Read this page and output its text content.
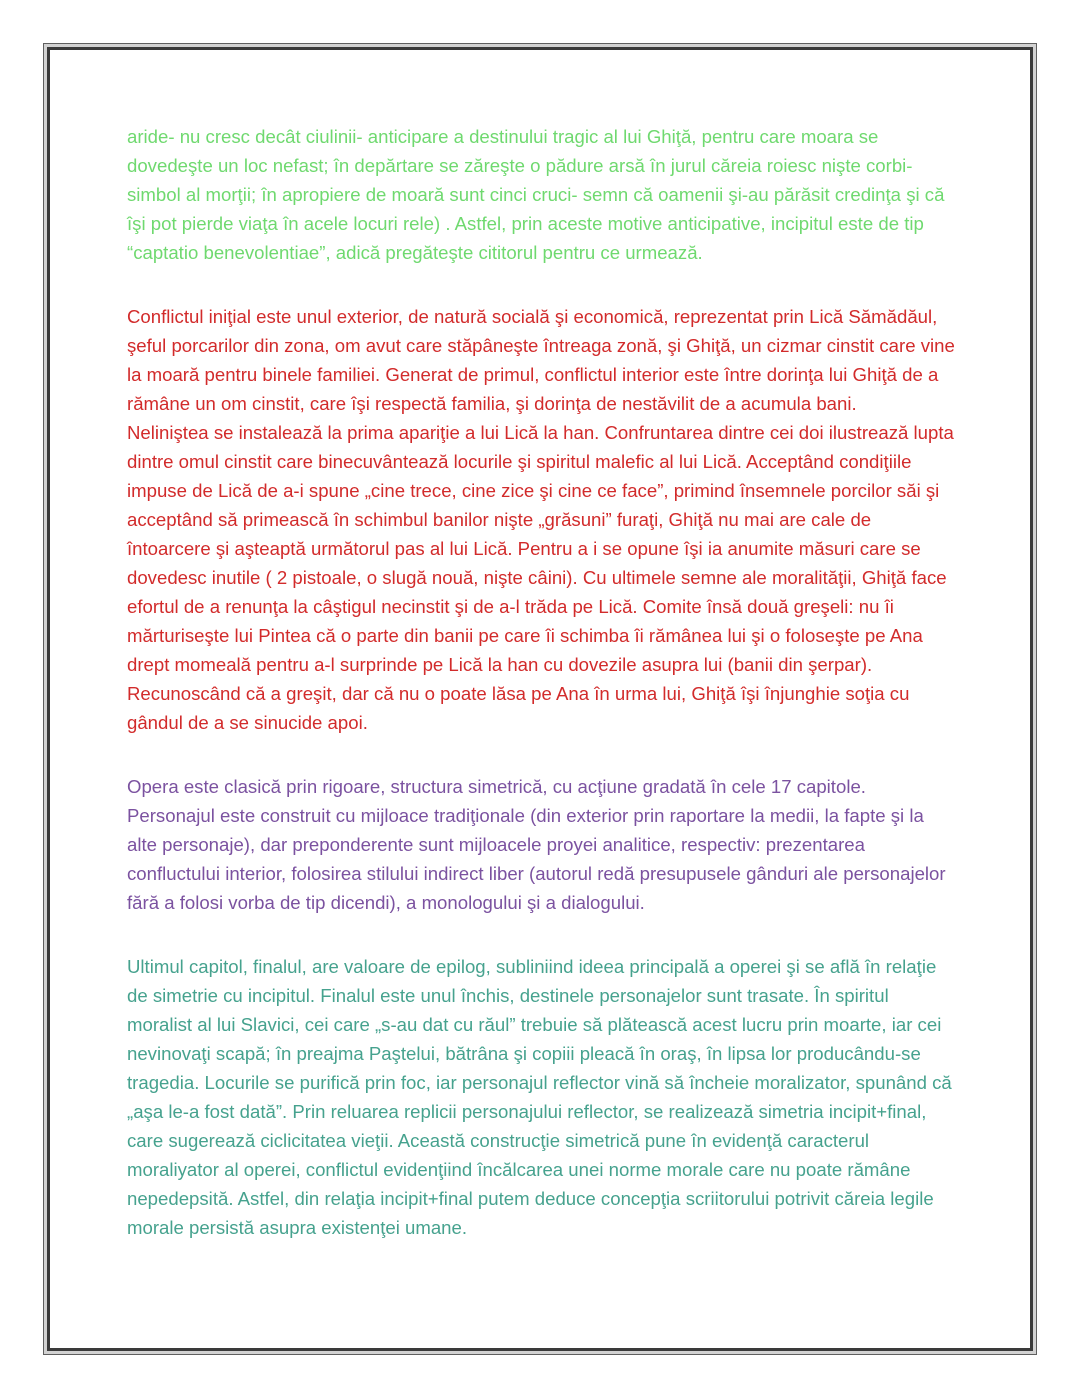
aride- nu cresc decât ciulinii- anticipare a destinului tragic al lui Ghiţă, pentru care moara se dovedeşte un loc nefast; în depărtare se zăreşte o pădure arsă în jurul căreia roiesc nişte corbi- simbol al morţii; în apropiere de moară sunt cinci cruci- semn că oamenii şi-au părăsit credinţa şi că îşi pot pierde viaţa în acele locuri rele) . Astfel, prin aceste motive anticipative, incipitul este de tip “captatio benevolentiae”, adică pregăteşte cititorul pentru ce urmează.

Conflictul iniţial este unul exterior, de natură socială şi economică, reprezentat prin Lică Sămădăul, şeful porcarilor din zona, om avut care stăpâneşte întreaga zonă, şi Ghiţă, un cizmar cinstit care vine la moară pentru binele familiei. Generat de primul, conflictul interior este între dorinţa lui Ghiţă de a rămâne un om cinstit, care îşi respectă familia, şi dorinţa de nestăvilit de a acumula bani.

Neliniştea se instalează la prima apariţie a lui Lică la han. Confruntarea dintre cei doi ilustrează lupta dintre omul cinstit care binecuvântează locurile şi spiritul malefic al lui Lică. Acceptând condiţiile impuse de Lică de a-i spune „cine trece, cine zice şi cine ce face”, primind însemnele porcilor săi şi acceptând să primească în schimbul banilor nişte „grăsuni” furaţi, Ghiţă nu mai are cale de întoarcere şi aşteaptă următorul pas al lui Lică. Pentru a i se opune îşi ia anumite măsuri care se dovedesc inutile ( 2 pistoale, o slugă nouă, nişte câini). Cu ultimele semne ale moralităţii, Ghiţă face efortul de a renunţa la câştigul necinstit şi de a-l trăda pe Lică. Comite însă două greşeli: nu îi mărturiseşte lui Pintea că o parte din banii pe care îi schimba îi rămânea lui şi o foloseşte pe Ana drept momeală pentru a-l surprinde pe Lică la han cu dovezile asupra lui (banii din şerpar). Recunoscând că a greşit, dar că nu o poate lăsa pe Ana în urma lui, Ghiţă îşi înjunghie soţia cu gândul de a se sinucide apoi.

Opera este clasică prin rigoare, structura simetrică, cu acţiune gradată în cele 17 capitole. Personajul este construit cu mijloace tradiţionale (din exterior prin raportare la medii, la fapte şi la alte personaje), dar preponderente sunt mijloacele proyei analitice, respectiv: prezentarea confluctului interior, folosirea stilului indirect liber (autorul redă presupusele gânduri ale personajelor fără a folosi vorba de tip dicendi), a monologului şi a dialogului.

Ultimul capitol, finalul, are valoare de epilog, subliniind ideea principală a operei şi se află în relaţie de simetrie cu incipitul. Finalul este unul închis, destinele personajelor sunt trasate. În spiritul moralist al lui Slavici, cei care „s-au dat cu răul” trebuie să plătească acest lucru prin moarte, iar cei nevinovaţi scapă; în preajma Paştelui, bătrâna şi copiii pleacă în oraş, în lipsa lor producându-se tragedia. Locurile se purifică prin foc, iar personajul reflector vină să încheie moralizator, spunând că „aşa le-a fost dată”. Prin reluarea replicii personajului reflector, se realizează simetria incipit+final, care sugerează ciclicitatea vieţii. Această construcţie simetrică pune în evidenţă caracterul moraliyator al operei, conflictul evidenţiind încălcarea unei norme morale care nu poate rămâne nepedepsită. Astfel, din relaţia incipit+final putem deduce concepţia scriitorului potrivit căreia legile morale persistă asupra existenţei umane.
